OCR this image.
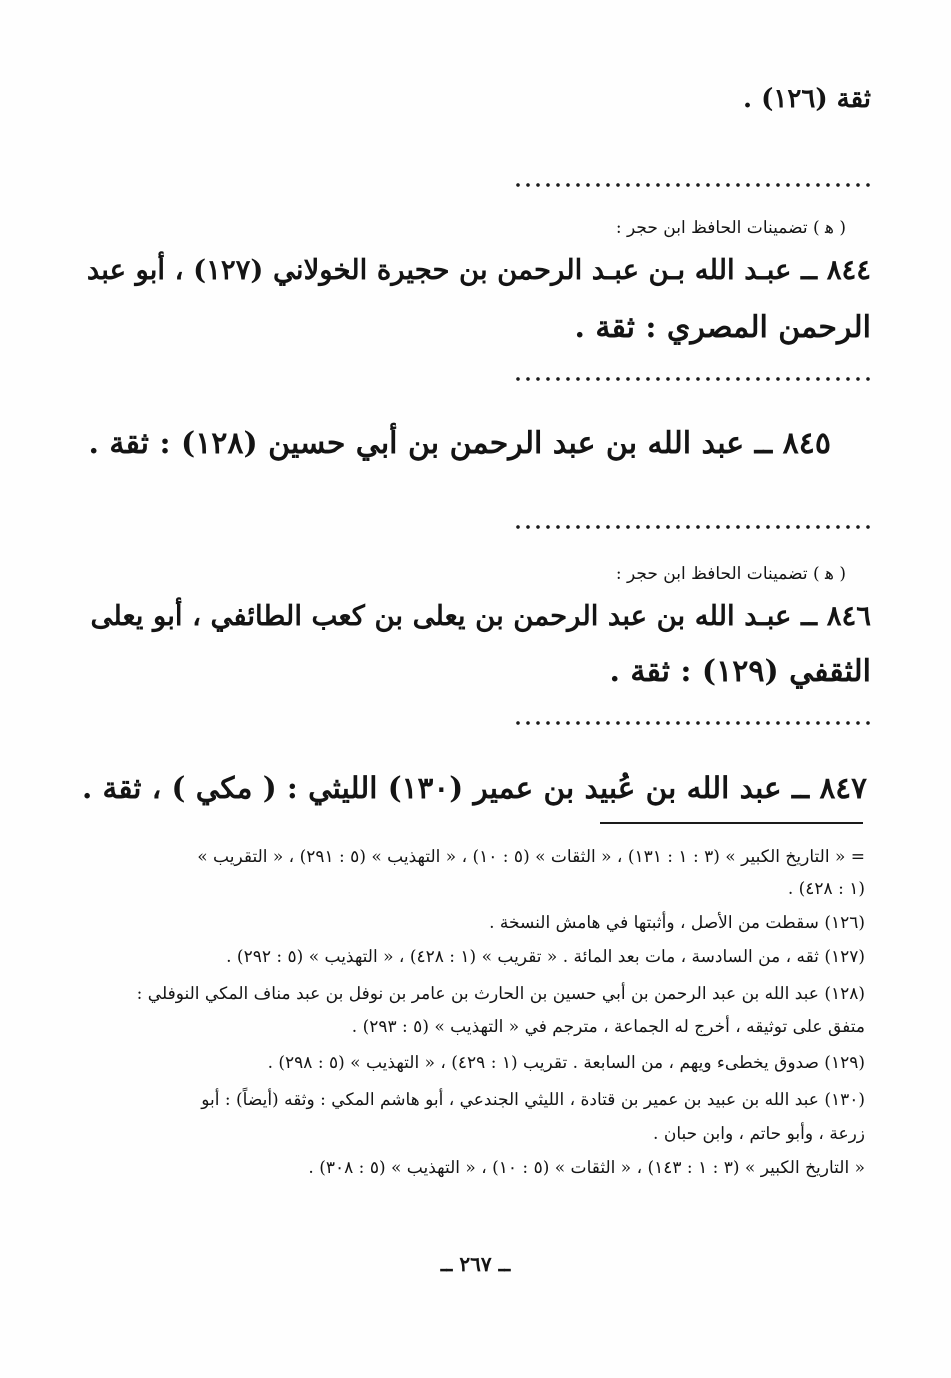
ثقة (١٢٦) .
( ﻫ ) تضمينات الحافظ ابن حجر :
٨٤٤ ــ عبـد الله بـن عبـد الرحمن بن حجيرة الخولاني (١٢٧) ، أبو عبد
الرحمن المصري : ثقة .
٨٤٥ ــ عبد الله بن عبد الرحمن بن أبي حسين (١٢٨) : ثقة .
( ﻫ ) تضمينات الحافظ ابن حجر :
٨٤٦ ــ عبـد الله بن عبد الرحمن بن يعلى بن كعب الطائفي ، أبو يعلى
الثقفي (١٢٩) : ثقة .
٨٤٧ ــ عبد الله بن عُبيد بن عمير (١٣٠) الليثي : ( مكي ) ، ثقة .
= « التاريخ الكبير » (٣ : ١ : ١٣١) ، « الثقات » (٥ : ١٠) ، « التهذيب » (٥ : ٢٩١) ، « التقريب »
(١ : ٤٢٨) .
(١٢٦) سقطت من الأصل ، وأثبتها في هامش النسخة .
(١٢٧) ثقه ، من السادسة ، مات بعد المائة . « تقريب » (١ : ٤٢٨) ، « التهذيب » (٥ : ٢٩٢) .
(١٢٨) عبد الله بن عبد الرحمن بن أبي حسين بن الحارث بن عامر بن نوفل بن عبد مناف المكي النوفلي :
متفق على توثيقه ، أخرج له الجماعة ، مترجم في « التهذيب » (٥ : ٢٩٣) .
(١٢٩) صدوق يخطىء ويهم ، من السابعة . تقريب (١ : ٤٢٩) ، « التهذيب » (٥ : ٢٩٨) .
(١٣٠) عبد الله بن عبيد بن عمير بن قتادة ، الليثي الجندعي ، أبو هاشم المكي : وثقه (أيضاً) : أبو
زرعة ، وأبو حاتم ، وابن حبان .
« التاريخ الكبير » (٣ : ١ : ١٤٣) ، « الثقات » (٥ : ١٠) ، « التهذيب » (٥ : ٣٠٨) .
ــ ٢٦٧ ــ
